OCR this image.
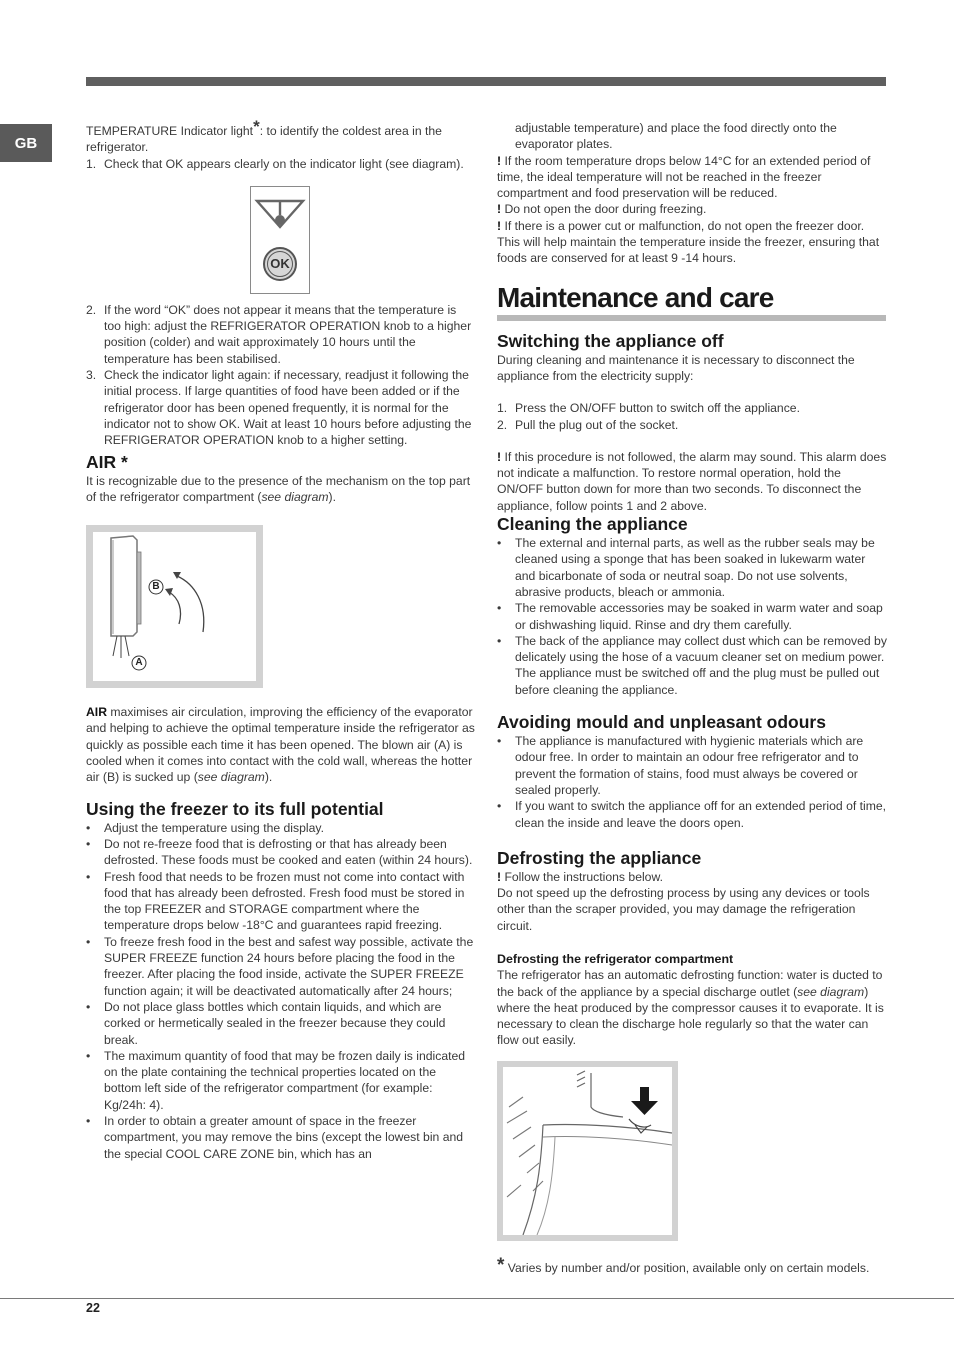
GB

TEMPERATURE Indicator light*: to identify the coldest area in the refrigerator.

1. Check that OK appears clearly on the indicator light (see diagram).
OK
2. If the word “OK” does not appear it means that the temperature is too high: adjust the REFRIGERATOR OPERATION knob to a higher position (colder) and wait approximately 10 hours until the temperature has been stabilised.
3. Check the indicator light again: if necessary, readjust it following the initial process. If large quantities of food have been added or if the refrigerator door has been opened frequently, it is normal for the indicator not to show OK. Wait at least 10 hours before adjusting the REFRIGERATOR OPERATION knob to a higher setting.
AIR *

It is recognizable due to the presence of the mechanism on the top part of the refrigerator compartment (see diagram).

B
A

AIR maximises air circulation, improving the efficiency of the evaporator and helping to achieve the optimal temperature inside the refrigerator as quickly as possible each time it has been opened. The blown air (A) is cooled when it comes into contact with the cold wall, whereas the hotter air (B) is sucked up (see diagram).

Using the freezer to its full potential
• Adjust the temperature using the display.
• Do not re-freeze food that is defrosting or that has already been defrosted. These foods must be cooked and eaten (within 24 hours).
• Fresh food that needs to be frozen must not come into contact with food that has already been defrosted. Fresh food must be stored in the top FREEZER and STORAGE compartment where the temperature drops below -18°C and guarantees rapid freezing.
• To freeze fresh food in the best and safest way possible, activate the SUPER FREEZE function 24 hours before placing the food in the freezer. After placing the food inside, activate the SUPER FREEZE function again; it will be deactivated automatically after 24 hours;
• Do not place glass bottles which contain liquids, and which are corked or hermetically sealed in the freezer because they could break.
• The maximum quantity of food that may be frozen daily is indicated on the plate containing the technical properties located on the bottom left side of the refrigerator compartment (for example: Kg/24h: 4).
• In order to obtain a greater amount of space in the freezer compartment, you may remove the bins (except the lowest bin and the special COOL CARE ZONE bin, which has an

adjustable temperature) and place the food directly onto the evaporator plates.

! If the room temperature drops below 14°C for an extended period of time, the ideal temperature will not be reached in the freezer compartment and food preservation will be reduced.

! Do not open the door during freezing.

! If there is a power cut or malfunction, do not open the freezer door. This will help maintain the temperature inside the freezer, ensuring that foods are conserved for at least 9 -14 hours.

Maintenance and care
Switching the appliance off

During cleaning and maintenance it is necessary to disconnect the appliance from the electricity supply:

1. Press the ON/OFF button to switch off the appliance.
2. Pull the plug out of the socket.

! If this procedure is not followed, the alarm may sound. This alarm does not indicate a malfunction. To restore normal operation, hold the ON/OFF button down for more than two seconds. To disconnect the appliance, follow points 1 and 2 above.

Cleaning the appliance
• The external and internal parts, as well as the rubber seals may be cleaned using a sponge that has been soaked in lukewarm water and bicarbonate of soda or neutral soap. Do not use solvents, abrasive products, bleach or ammonia.
• The removable accessories may be soaked in warm water and soap or dishwashing liquid. Rinse and dry them carefully.
• The back of the appliance may collect dust which can be removed by delicately using the hose of a vacuum cleaner set on medium power. The appliance must be switched off and the plug must be pulled out before cleaning the appliance.
Avoiding mould and unpleasant odours
• The appliance is manufactured with hygienic materials which are odour free. In order to maintain an odour free refrigerator and to prevent the formation of stains, food must always be covered or sealed properly.
• If you want to switch the appliance off for an extended period of time, clean the inside and leave the doors open.
Defrosting the appliance

! Follow the instructions below.

Do not speed up the defrosting process by using any devices or tools other than the scraper provided, you may damage the refrigeration circuit.

Defrosting the refrigerator compartment

The refrigerator has an automatic defrosting function: water is ducted to the back of the appliance by a special discharge outlet (see diagram) where the heat produced by the compressor causes it to evaporate. It is necessary to clean the discharge hole regularly so that the water can flow out easily.

* Varies by number and/or position, available only on certain models.

22
